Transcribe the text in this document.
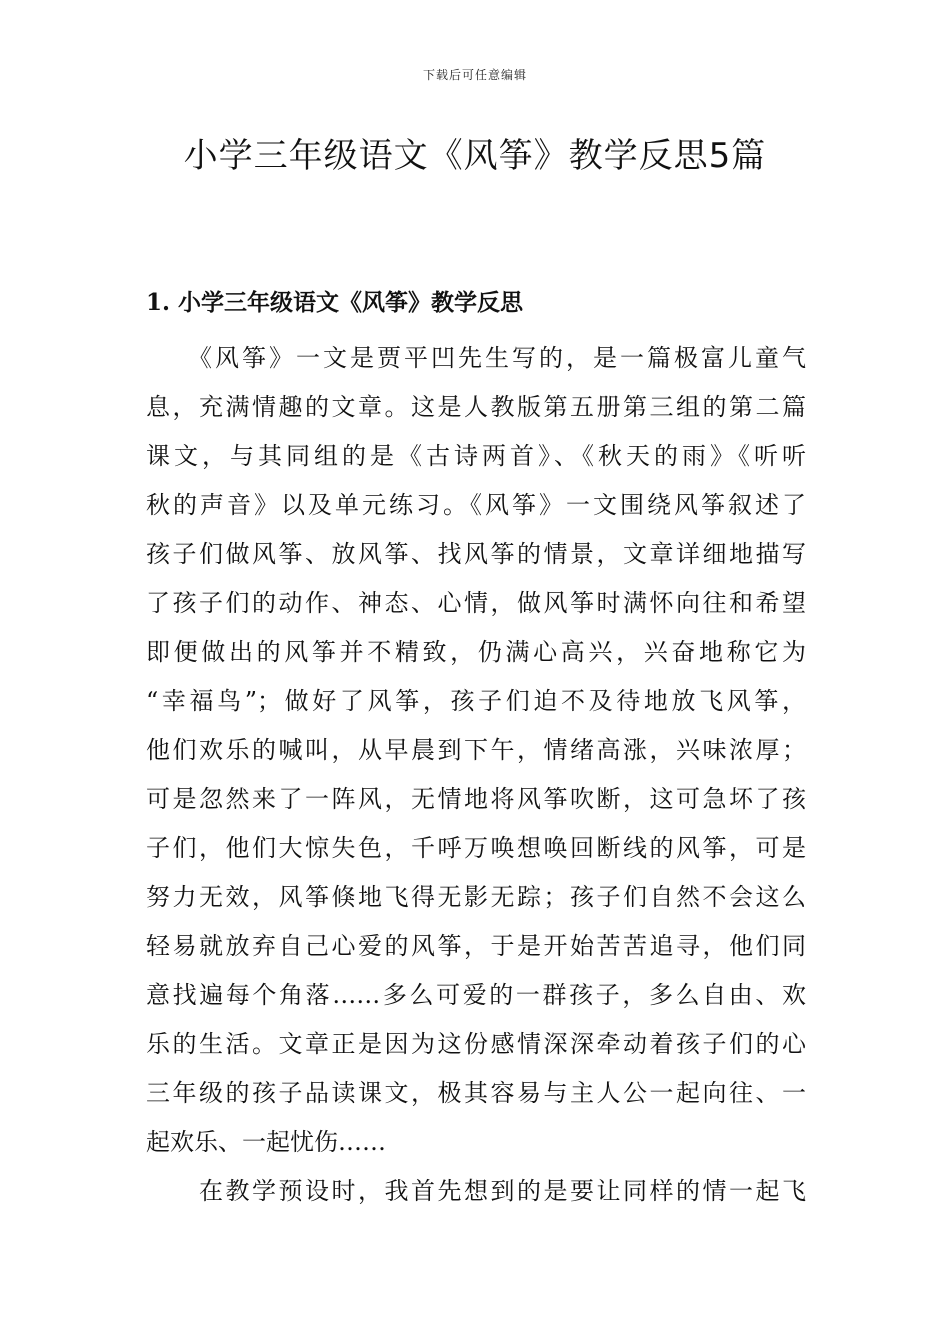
下载后可任意编辑
小学三年级语文《风筝》教学反思5篇
1. 小学三年级语文《风筝》教学反思
　　《风筝》一文是贾平凹先生写的，是一篇极富儿童气
息，充满情趣的文章。这是人教版第五册第三组的第二篇
课文，与其同组的是《古诗两首》、《秋天的雨》《听听
秋的声音》以及单元练习。《风筝》一文围绕风筝叙述了
孩子们做风筝、放风筝、找风筝的情景，文章详细地描写
了孩子们的动作、神态、心情，做风筝时满怀向往和希望
即便做出的风筝并不精致，仍满心高兴，兴奋地称它为
“幸福鸟”；做好了风筝，孩子们迫不及待地放飞风筝，
他们欢乐的喊叫，从早晨到下午，情绪高涨，兴味浓厚；
可是忽然来了一阵风，无情地将风筝吹断，这可急坏了孩
子们，他们大惊失色，千呼万唤想唤回断线的风筝，可是
努力无效，风筝倏地飞得无影无踪；孩子们自然不会这么
轻易就放弃自己心爱的风筝，于是开始苦苦追寻，他们同
意找遍每个角落……多么可爱的一群孩子，多么自由、欢
乐的生活。文章正是因为这份感情深深牵动着孩子们的心
三年级的孩子品读课文，极其容易与主人公一起向往、一
起欢乐、一起忧伤……
　　在教学预设时，我首先想到的是要让同样的情一起飞
